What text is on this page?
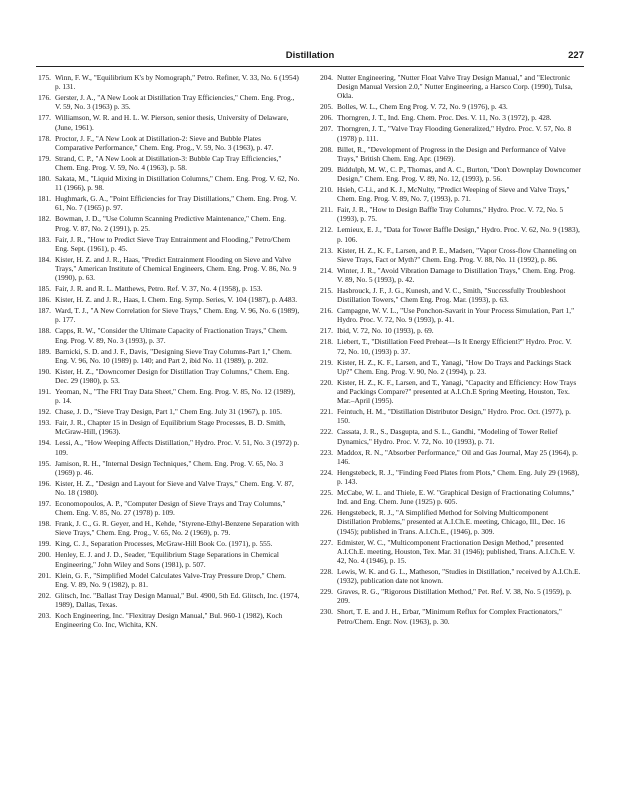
Distillation	227
175. Winn, F. W., "Equilibrium K's by Nomograph," Petro. Refiner, V. 33, No. 6 (1954) p. 131.
176. Gerster, J. A., "A New Look at Distillation Tray Efficiencies," Chem. Eng. Prog., V. 59, No. 3 (1963) p. 35.
177. Williamson, W. R. and H. L. W. Pierson, senior thesis, University of Delaware, (June, 1961).
178. Proctor, J. F., "A New Look at Distillation-2: Sieve and Bubble Plates Comparative Performance," Chem. Eng. Prog., V. 59, No. 3 (1963), p. 47.
179. Strand, C. P., "A New Look at Distillation-3: Bubble Cap Tray Efficiencies," Chem. Eng. Prog. V. 59, No. 4 (1963), p. 58.
180. Sakata, M., "Liquid Mixing in Distillation Columns," Chem. Eng. Prog. V. 62, No. 11 (1966), p. 98.
181. Hughmark, G. A., "Point Efficiencies for Tray Distillations," Chem. Eng. Prog. V. 61, No. 7 (1965) p. 97.
182. Bowman, J. D., "Use Column Scanning Predictive Maintenance," Chem. Eng. Prog. V. 87, No. 2 (1991), p. 25.
183. Fair, J. R., "How to Predict Sieve Tray Entrainment and Flooding," Petro/Chem Eng. Sept. (1961), p. 45.
184. Kister, H. Z. and J. R., Haas, "Predict Entrainment Flooding on Sieve and Valve Trays," American Institute of Chemical Engineers, Chem. Eng. Prog. V. 86, No. 9 (1990), p. 63.
185. Fair, J. R. and R. L. Matthews, Petro. Ref. V. 37, No. 4 (1958), p. 153.
186. Kister, H. Z. and J. R., Haas, I. Chem. Eng. Symp. Series, V. 104 (1987), p. A483.
187. Ward, T. J., "A New Correlation for Sieve Trays," Chem. Eng. V. 96, No. 6 (1989), p. 177.
188. Capps, R. W., "Consider the Ultimate Capacity of Fractionation Trays," Chem. Eng. Prog. V. 89, No. 3 (1993), p. 37.
189. Barnicki, S. D. and J. F., Davis, "Designing Sieve Tray Columns-Part 1," Chem. Eng. V. 96, No. 10 (1989) p. 140; and Part 2, ibid No. 11 (1989), p. 202.
190. Kister, H. Z., "Downcomer Design for Distillation Tray Columns," Chem. Eng. Dec. 29 (1980), p. 53.
191. Yeoman, N., "The FRI Tray Data Sheet," Chem. Eng. Prog. V. 85, No. 12 (1989), p. 14.
192. Chase, J. D., "Sieve Tray Design, Part 1," Chem Eng. July 31 (1967), p. 105.
193. Fair, J. R., Chapter 15 in Design of Equilibrium Stage Processes, B. D. Smith, McGraw-Hill, (1963).
194. Lessi, A., "How Weeping Affects Distillation," Hydro. Proc. V. 51, No. 3 (1972) p. 109.
195. Jamison, R. H., "Internal Design Techniques," Chem. Eng. Prog. V. 65, No. 3 (1969) p. 46.
196. Kister, H. Z., "Design and Layout for Sieve and Valve Trays," Chem. Eng. V. 87, No. 18 (1980).
197. Economopoulos, A. P., "Computer Design of Sieve Trays and Tray Columns," Chem. Eng. V. 85, No. 27 (1978) p. 109.
198. Frank, J. C., G. R. Geyer, and H., Kehde, "Styrene-Ethyl-Benzene Separation with Sieve Trays," Chem. Eng. Prog., V. 65, No. 2 (1969), p. 79.
199. King, C. J., Separation Processes, McGraw-Hill Book Co. (1971), p. 555.
200. Henley, E. J. and J. D., Seader, "Equilibrium Stage Separations in Chemical Engineering," John Wiley and Sons (1981), p. 507.
201. Klein, G. F., "Simplified Model Calculates Valve-Tray Pressure Drop," Chem. Eng. V. 89, No. 9 (1982), p. 81.
202. Glitsch, Inc. "Ballast Tray Design Manual," Bul. 4900, 5th Ed. Glitsch, Inc. (1974, 1989), Dallas, Texas.
203. Koch Engineering, Inc. "Flexitray Design Manual," Bul. 960-1 (1982), Koch Engineering Co. Inc, Wichita, KN.
204. Nutter Engineering, "Nutter Float Valve Tray Design Manual," and "Electronic Design Manual Version 2.0," Nutter Engineering, a Harsco Corp. (1990), Tulsa, Okla.
205. Bolles, W. L., Chem Eng Prog. V. 72, No. 9 (1976), p. 43.
206. Thorngren, J. T., Ind. Eng. Chem. Proc. Des. V. 11, No. 3 (1972), p. 428.
207. Thorngren, J. T., "Valve Tray Flooding Generalized," Hydro. Proc. V. 57, No. 8 (1978) p. 111.
208. Billet, R., "Development of Progress in the Design and Performance of Valve Trays," British Chem. Eng. Apr. (1969).
209. Biddulph, M. W., C. P., Thomas, and A. C., Burton, "Don't Downplay Downcomer Design," Chem. Eng. Prog. V. 89, No. 12, (1993), p. 56.
210. Hsieh, C-Li., and K. J., McNulty, "Predict Weeping of Sieve and Valve Trays," Chem. Eng. Prog. V. 89, No. 7, (1993), p. 71.
211. Fair, J. R., "How to Design Baffle Tray Columns," Hydro. Proc. V. 72, No. 5 (1993), p. 75.
212. Lemieux, E. J., "Data for Tower Baffle Design," Hydro. Proc. V. 62, No. 9 (1983), p. 106.
213. Kister, H. Z., K. F., Larsen, and P. E., Madsen, "Vapor Cross-flow Channeling on Sieve Trays, Fact or Myth?" Chem. Eng. Prog. V. 88, No. 11 (1992), p. 86.
214. Winter, J. R., "Avoid Vibration Damage to Distillation Trays," Chem. Eng. Prog. V. 89, No. 5 (1993), p. 42.
215. Hasbrouck, J. F., J. G., Kunesh, and V. C., Smith, "Successfully Troubleshoot Distillation Towers," Chem Eng. Prog. Mar. (1993), p. 63.
216. Campagne, W. V. L., "Use Ponchon-Savarit in Your Process Simulation, Part 1," Hydro. Proc. V. 72, No. 9 (1993), p. 41.
217. Ibid, V. 72, No. 10 (1993), p. 69.
218. Liebert, T., "Distillation Feed Preheat—Is It Energy Efficient?" Hydro. Proc. V. 72, No. 10, (1993) p. 37.
219. Kister, H. Z., K. F., Larsen, and T., Yanagi, "How Do Trays and Packings Stack Up?" Chem. Eng. Prog. V. 90, No. 2 (1994), p. 23.
220. Kister, H. Z., K. F., Larsen, and T., Yanagi, "Capacity and Efficiency: How Trays and Packings Compare?" presented at A.I.Ch.E Spring Meeting, Houston, Tex. Mar.–April (1995).
221. Feintuch, H. M., "Distillation Distributor Design," Hydro. Proc. Oct. (1977), p. 150.
222. Cassata, J. R., S., Dasgupta, and S. L., Gandhi, "Modeling of Tower Relief Dynamics," Hydro. Proc. V. 72, No. 10 (1993), p. 71.
223. Maddox, R. N., "Absorber Performance," Oil and Gas Journal, May 25 (1964), p. 146.
224. Hengstebeck, R. J., "Finding Feed Plates from Plots," Chem. Eng. July 29 (1968), p. 143.
225. McCabe, W. L. and Thiele, E. W. "Graphical Design of Fractionating Columns," Ind. and Eng. Chem. June (1925) p. 605.
226. Hengstebeck, R. J., "A Simplified Method for Solving Multicomponent Distillation Problems," presented at A.I.Ch.E. meeting, Chicago, Ill., Dec. 16 (1945); published in Trans. A.I.Ch.E., (1946), p. 309.
227. Edmister, W. C., "Multicomponent Fractionation Design Method," presented A.I.Ch.E. meeting, Houston, Tex. Mar. 31 (1946); published, Trans. A.I.Ch.E. V. 42, No. 4 (1946), p. 15.
228. Lewis, W. K. and G. L., Matheson, "Studies in Distillation," received by A.I.Ch.E. (1932), publication date not known.
229. Graves, R. G., "Rigorous Distillation Method," Pet. Ref. V. 38, No. 5 (1959), p. 209.
230. Short, T. E. and J. H., Erbar, "Minimum Reflux for Complex Fractionators," Petro/Chem. Engr. Nov. (1963), p. 30.
